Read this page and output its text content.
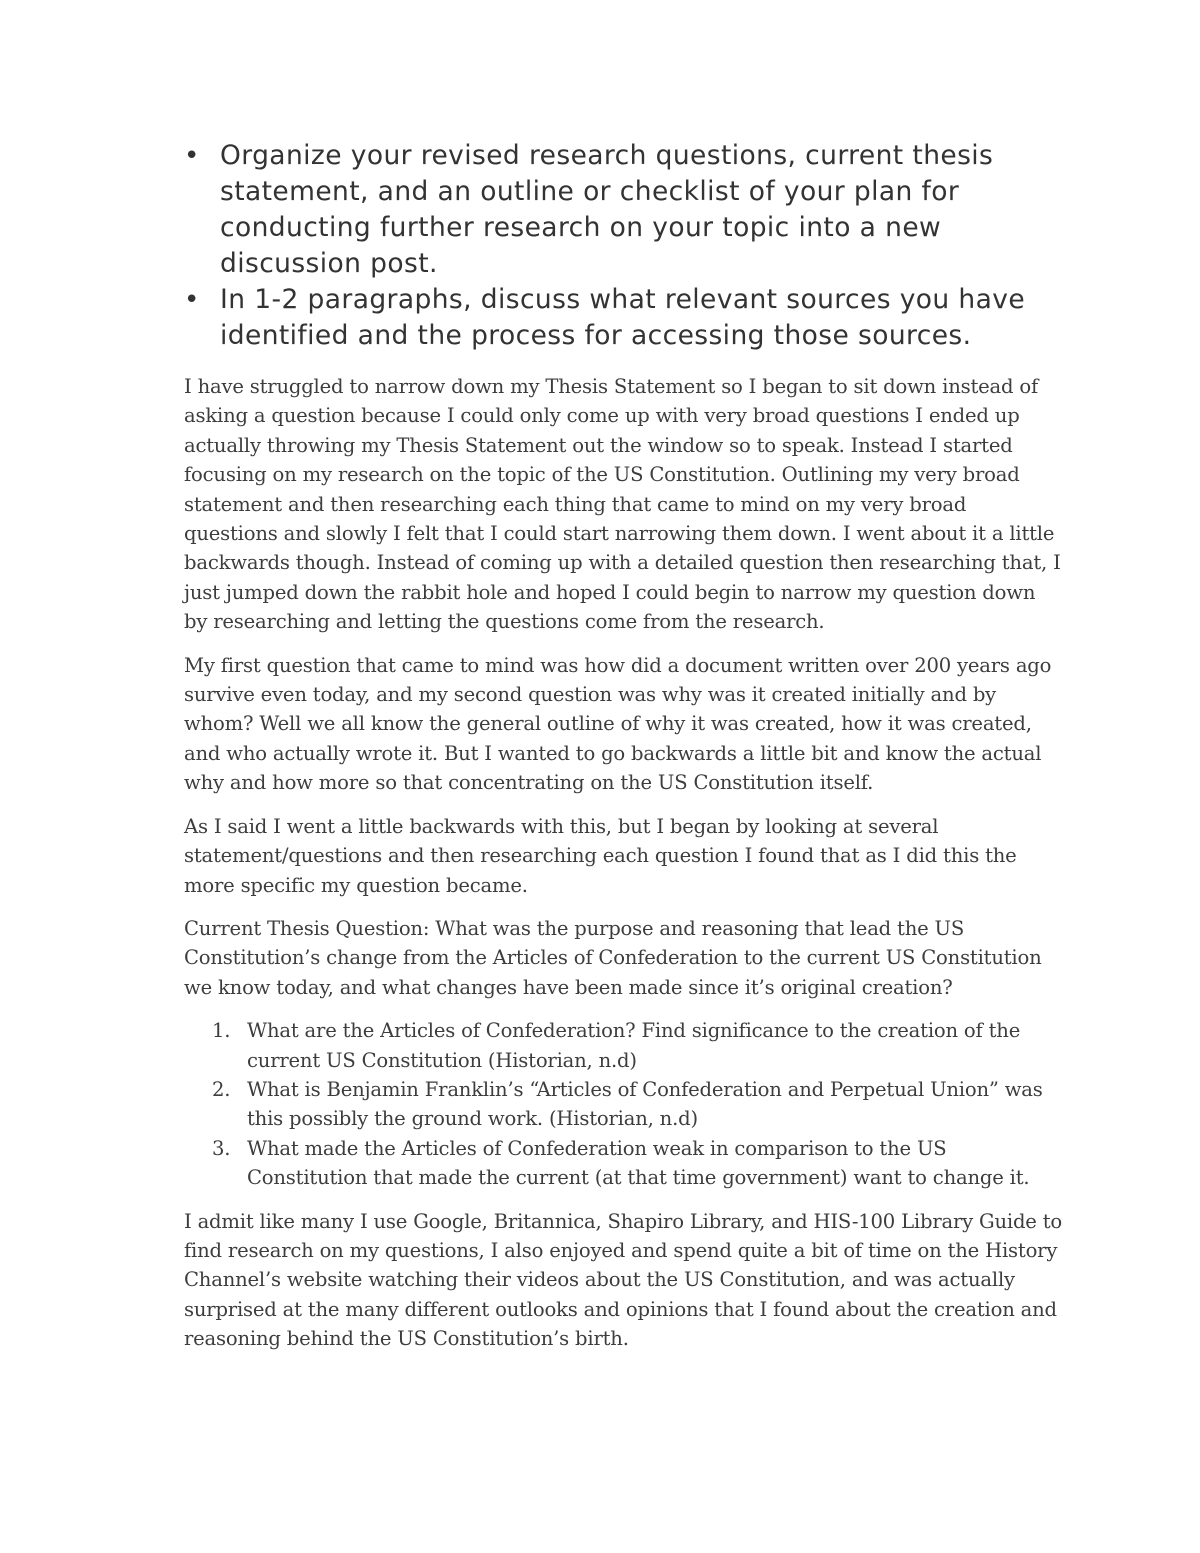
• Organize your revised research questions, current thesis statement, and an outline or checklist of your plan for conducting further research on your topic into a new discussion post.
• In 1-2 paragraphs, discuss what relevant sources you have identified and the process for accessing those sources.

I have struggled to narrow down my Thesis Statement so I began to sit down instead of asking a question because I could only come up with very broad questions I ended up actually throwing my Thesis Statement out the window so to speak. Instead I started focusing on my research on the topic of the US Constitution. Outlining my very broad statement and then researching each thing that came to mind on my very broad questions and slowly I felt that I could start narrowing them down. I went about it a little backwards though. Instead of coming up with a detailed question then researching that, I just jumped down the rabbit hole and hoped I could begin to narrow my question down by researching and letting the questions come from the research.

My first question that came to mind was how did a document written over 200 years ago survive even today, and my second question was why was it created initially and by whom? Well we all know the general outline of why it was created, how it was created, and who actually wrote it. But I wanted to go backwards a little bit and know the actual why and how more so that concentrating on the US Constitution itself.

As I said I went a little backwards with this, but I began by looking at several statement/questions and then researching each question I found that as I did this the more specific my question became.

Current Thesis Question: What was the purpose and reasoning that lead the US Constitution’s change from the Articles of Confederation to the current US Constitution we know today, and what changes have been made since it’s original creation?

1. What are the Articles of Confederation? Find significance to the creation of the current US Constitution (Historian, n.d)
2. What is Benjamin Franklin’s “Articles of Confederation and Perpetual Union” was this possibly the ground work. (Historian, n.d)
3. What made the Articles of Confederation weak in comparison to the US Constitution that made the current (at that time government) want to change it.

I admit like many I use Google, Britannica, Shapiro Library, and HIS-100 Library Guide to find research on my questions, I also enjoyed and spend quite a bit of time on the History Channel’s website watching their videos about the US Constitution, and was actually surprised at the many different outlooks and opinions that I found about the creation and reasoning behind the US Constitution’s birth.
